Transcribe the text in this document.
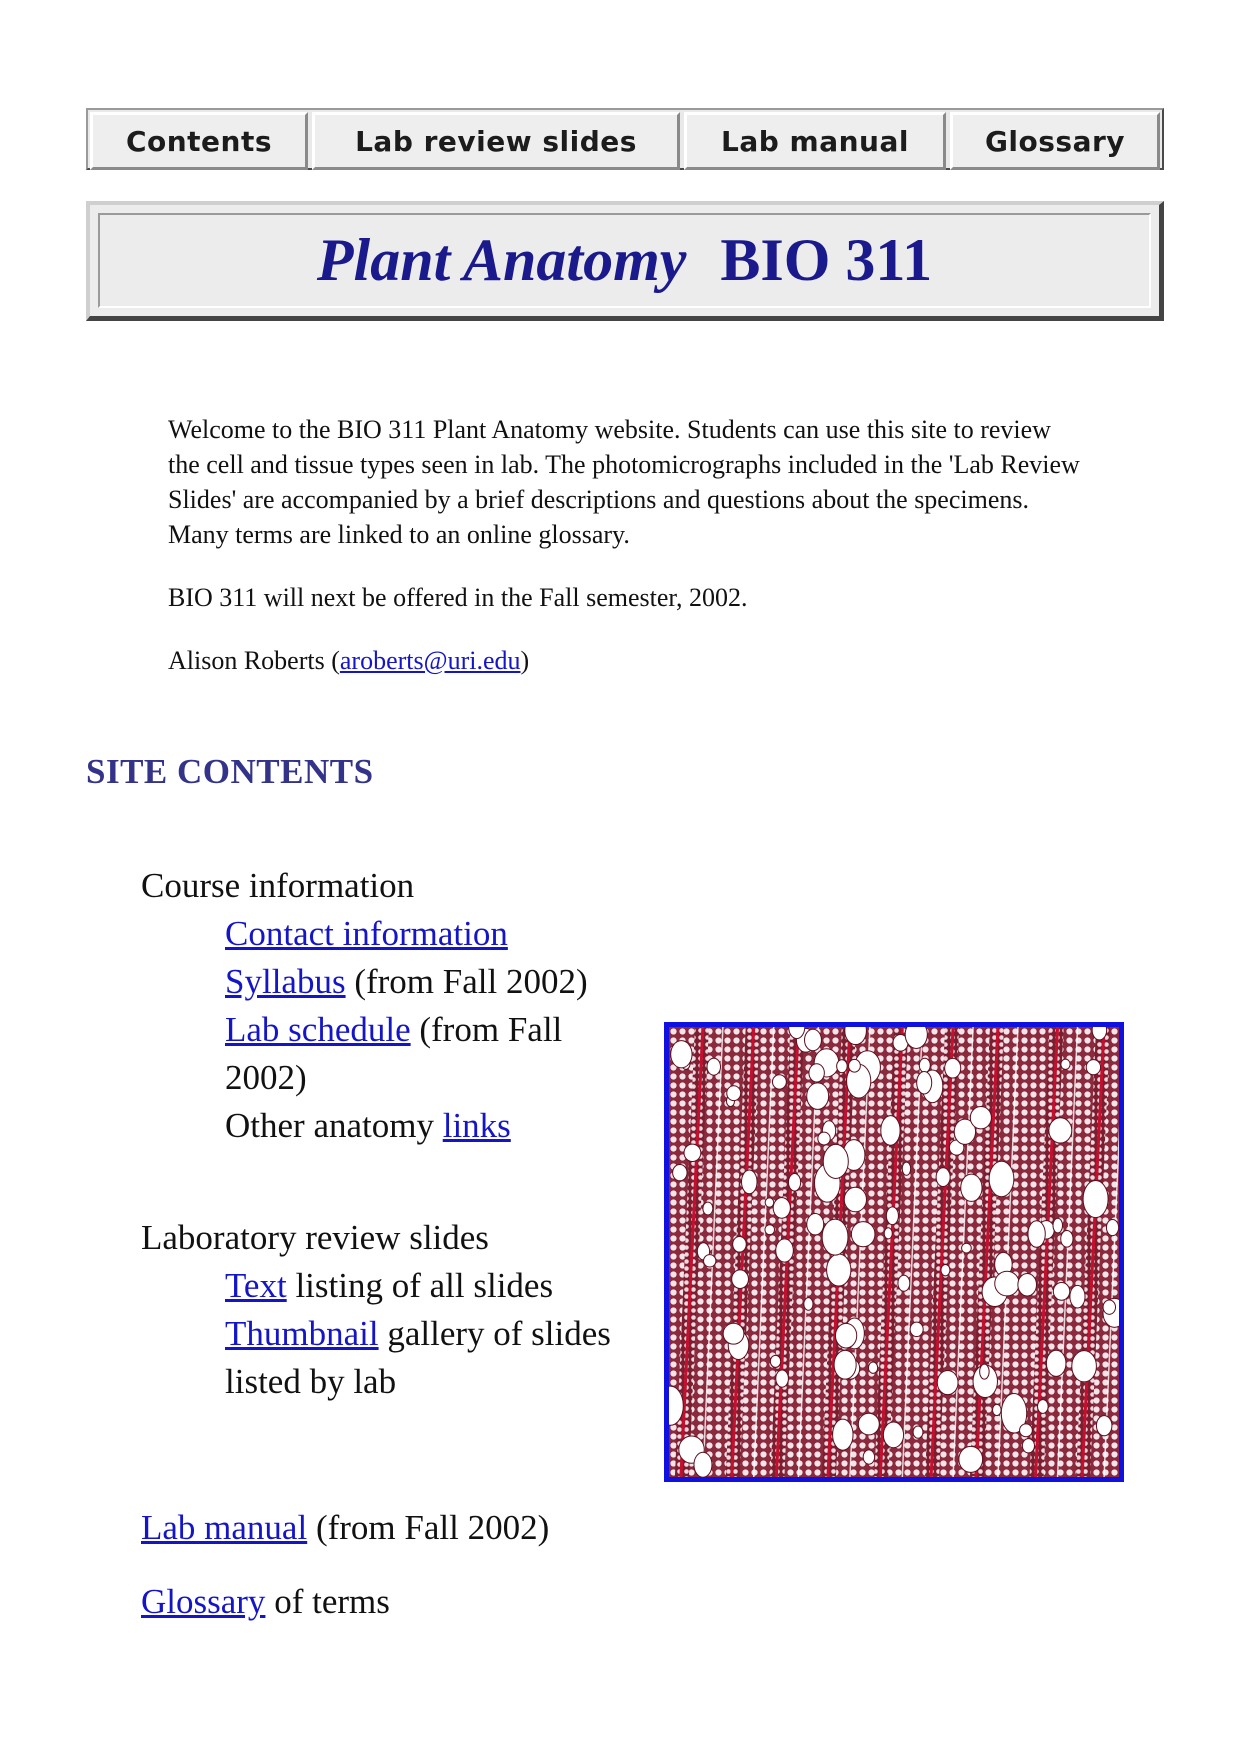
Contents	Lab review slides	Lab manual	Glossary
Plant Anatomy BIO 311

Welcome to the BIO 311 Plant Anatomy website. Students can use this site to review the cell and tissue types seen in lab. The photomicrographs included in the 'Lab Review Slides' are accompanied by a brief descriptions and questions about the specimens. Many terms are linked to an online glossary.

BIO 311 will next be offered in the Fall semester, 2002.

Alison Roberts (aroberts@uri.edu)

SITE CONTENTS
Course information
Contact information
Syllabus (from Fall 2002)
Lab schedule (from Fall 2002)
Other anatomy links
Laboratory review slides
Text listing of all slides
Thumbnail gallery of slides listed by lab
Lab manual (from Fall 2002)
Glossary of terms
